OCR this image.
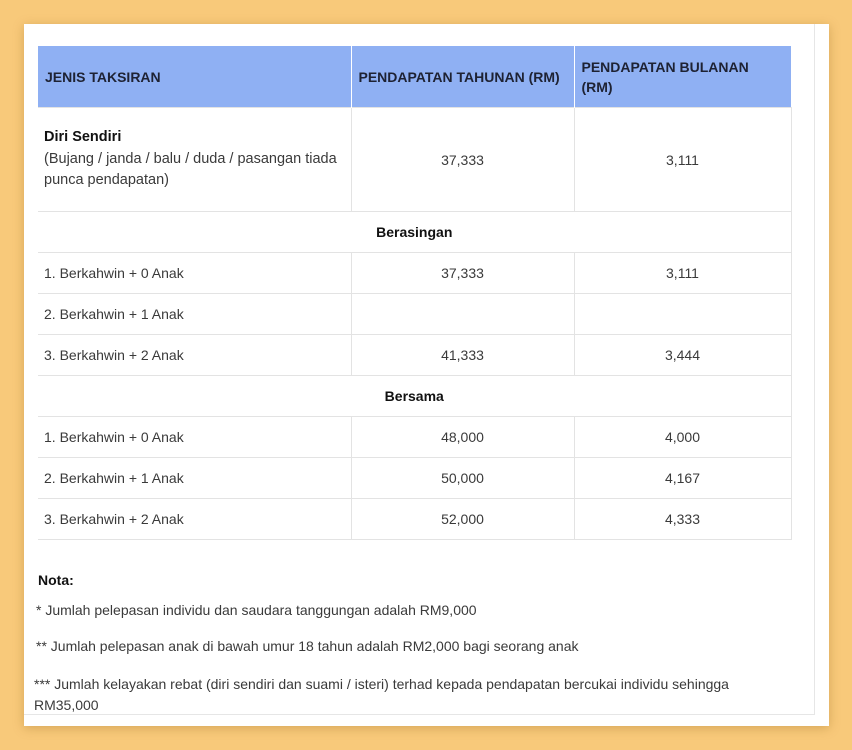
JENIS TAKSIRAN	PENDAPATAN TAHUNAN (RM)	PENDAPATAN BULANAN (RM)
Diri Sendiri
(Bujang / janda / balu / duda / pasangan tiada punca pendapatan)	37,333	3,111
Berasingan		
1. Berkahwin + 0 Anak	37,333	3,111
2. Berkahwin + 1 Anak		
3. Berkahwin + 2 Anak	41,333	3,444
Bersama		
1. Berkahwin + 0 Anak	48,000	4,000
2. Berkahwin + 1 Anak	50,000	4,167
3. Berkahwin + 2 Anak	52,000	4,333
Nota:
* Jumlah pelepasan individu dan saudara tanggungan adalah RM9,000
** Jumlah pelepasan anak di bawah umur 18 tahun adalah RM2,000 bagi seorang anak
*** Jumlah kelayakan rebat (diri sendiri dan suami / isteri) terhad kepada pendapatan bercukai individu sehingga RM35,000
